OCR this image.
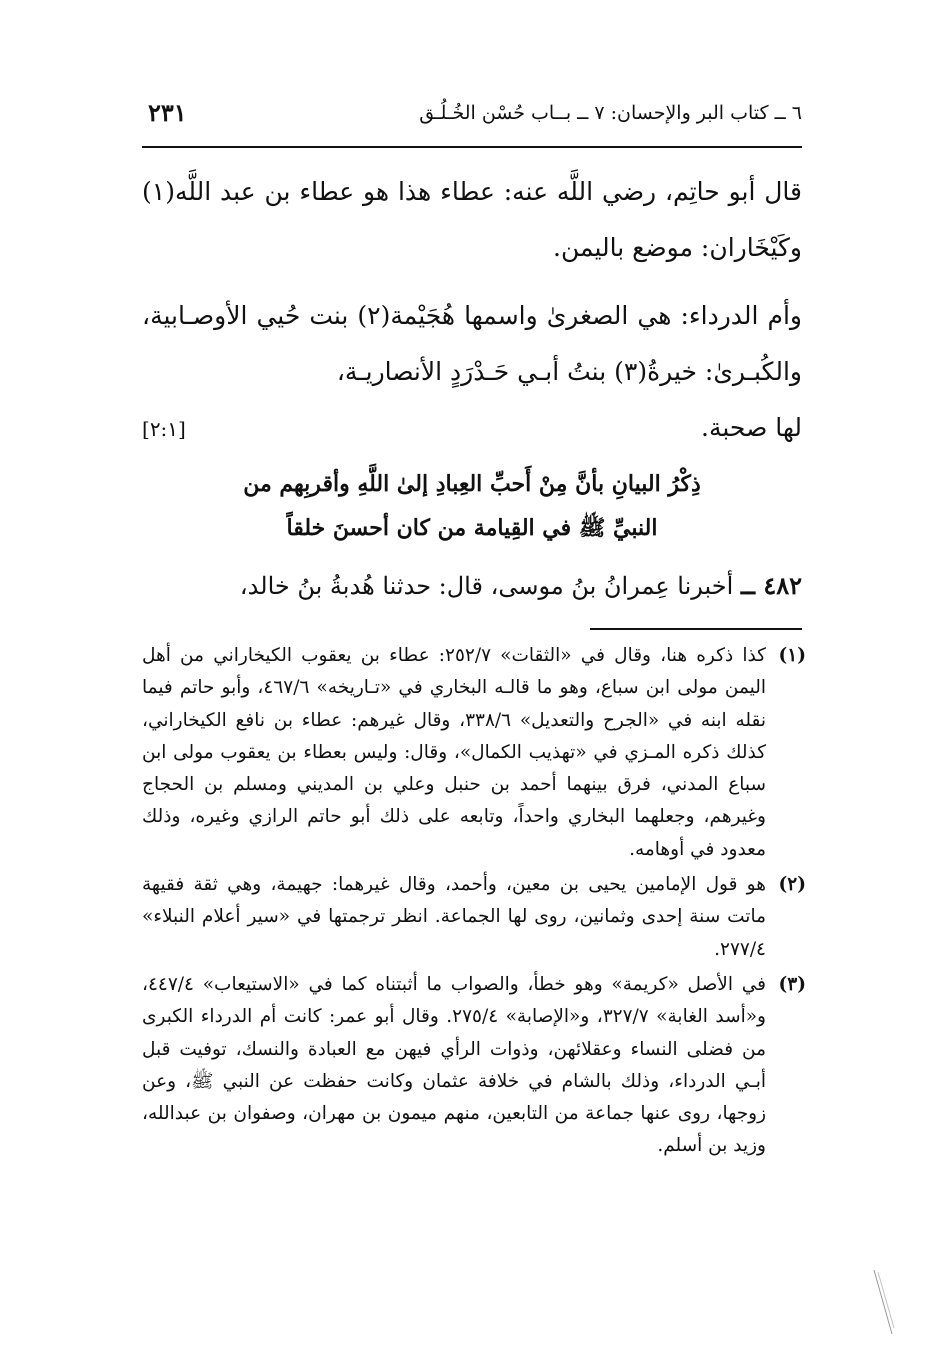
٦ ــ كتاب البر والإحسان: ٧ ــ بــاب حُسْن الخُـلُـق
٢٣١

قال أبو حاتِم، رضي اللَّه عنه: عطاء هذا هو عطاء بن عبد اللَّه(١) وكَيْخَاران: موضع باليمن.

وأم الدرداء: هي الصغرىٰ واسمها هُجَيْمة(٢) بنت حُيي الأوصـابية، والكُبـرىٰ: خيرةُ(٣) بنتُ أبـي حَـدْرَدٍ الأنصاريـة،

لها صحبة.
[٢:١]
ذِكْرُ البيانِ بأنَّ مِنْ أَحبِّ العِبادِ إلىٰ اللَّهِ وأقربِهم من
النبيِّ ﷺ في القِيامة من كان أحسنَ خلقاً
٤٨٢ ــ أخبرنا عِمرانُ بنُ موسى، قال: حدثنا هُدبةُ بنُ خالد،
(١)
كذا ذكره هنا، وقال في «الثقات» ٢٥٢/٧: عطاء بن يعقوب الكيخاراني من أهل اليمن مولى ابن سباع، وهو ما قالـه البخاري في «تـاريخه» ٤٦٧/٦، وأبو حاتم فيما نقله ابنه في «الجرح والتعديل» ٣٣٨/٦، وقال غيرهم: عطاء بن نافع الكيخاراني، كذلك ذكره المـزي في «تهذيب الكمال»، وقال: وليس بعطاء بن يعقوب مولى ابن سباع المدني، فرق بينهما أحمد بن حنبل وعلي بن المديني ومسلم بن الحجاج وغيرهم، وجعلهما البخاري واحداً، وتابعه على ذلك أبو حاتم الرازي وغيره، وذلك معدود في أوهامه.
(٢)
هو قول الإمامين يحيى بن معين، وأحمد، وقال غيرهما: جهيمة، وهي ثقة فقيهة ماتت سنة إحدى وثمانين، روى لها الجماعة. انظر ترجمتها في «سير أعلام النبلاء» ٢٧٧/٤.
(٣)
في الأصل «كريمة» وهو خطأ، والصواب ما أثبتناه كما في «الاستيعاب» ٤٤٧/٤، و«أسد الغابة» ٣٢٧/٧، و«الإصابة» ٢٧٥/٤. وقال أبو عمر: كانت أم الدرداء الكبرى من فضلى النساء وعقلائهن، وذوات الرأي فيهن مع العبادة والنسك، توفيت قبل أبـي الدرداء، وذلك بالشام في خلافة عثمان وكانت حفظت عن النبي ﷺ، وعن زوجها، روى عنها جماعة من التابعين، منهم ميمون بن مهران، وصفوان بن عبدالله، وزيد بن أسلم.
